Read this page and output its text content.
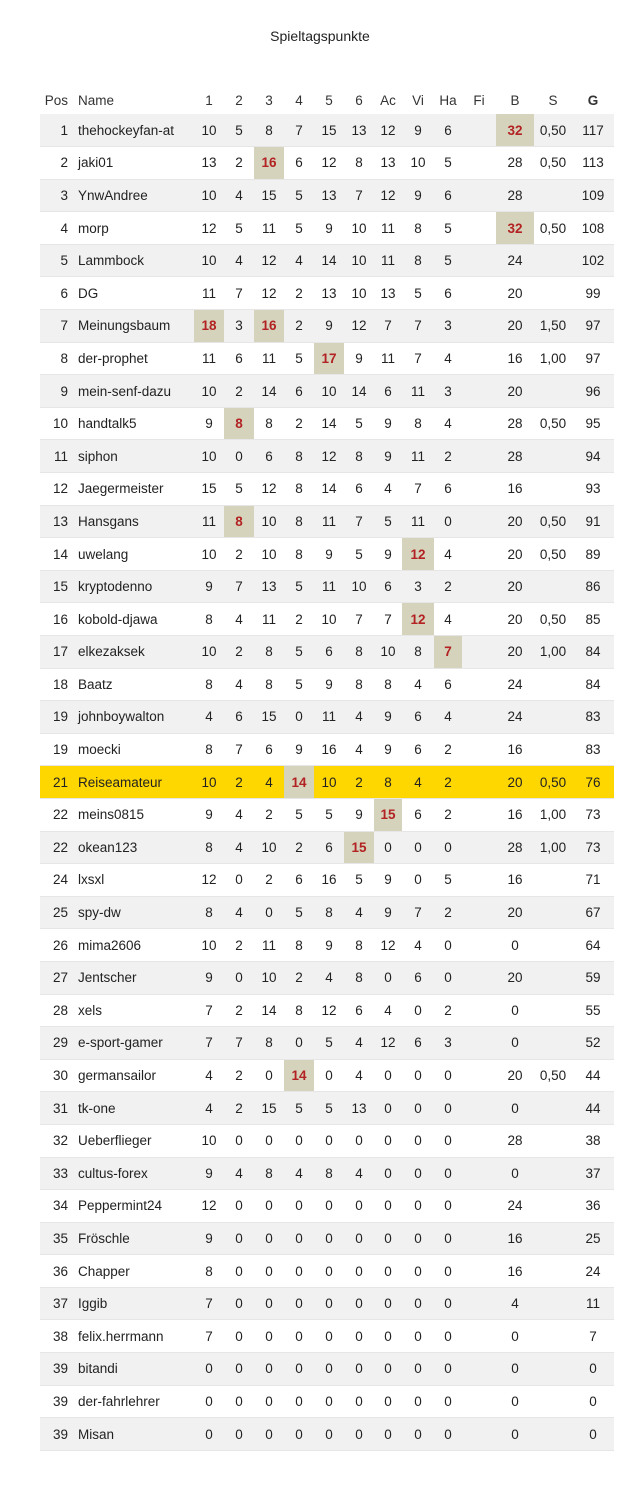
Spieltagspunkte
Pos	Name	1	2	3	4	5	6	Ac	Vi	Ha	Fi	B	S	G
1	thehockeyfan-at	10	5	8	7	15	13	12	9	6		32	0,50	117
2	jaki01	13	2	16	6	12	8	13	10	5		28	0,50	113
3	YnwAndree	10	4	15	5	13	7	12	9	6		28		109
4	morp	12	5	11	5	9	10	11	8	5		32	0,50	108
5	Lammbock	10	4	12	4	14	10	11	8	5		24		102
6	DG	11	7	12	2	13	10	13	5	6		20		99
7	Meinungsbaum	18	3	16	2	9	12	7	7	3		20	1,50	97
8	der-prophet	11	6	11	5	17	9	11	7	4		16	1,00	97
9	mein-senf-dazu	10	2	14	6	10	14	6	11	3		20		96
10	handtalk5	9	8	8	2	14	5	9	8	4		28	0,50	95
11	siphon	10	0	6	8	12	8	9	11	2		28		94
12	Jaegermeister	15	5	12	8	14	6	4	7	6		16		93
13	Hansgans	11	8	10	8	11	7	5	11	0		20	0,50	91
14	uwelang	10	2	10	8	9	5	9	12	4		20	0,50	89
15	kryptodenno	9	7	13	5	11	10	6	3	2		20		86
16	kobold-djawa	8	4	11	2	10	7	7	12	4		20	0,50	85
17	elkezaksek	10	2	8	5	6	8	10	8	7		20	1,00	84
18	Baatz	8	4	8	5	9	8	8	4	6		24		84
19	johnboywalton	4	6	15	0	11	4	9	6	4		24		83
19	moecki	8	7	6	9	16	4	9	6	2		16		83
21	Reiseamateur	10	2	4	14	10	2	8	4	2		20	0,50	76
22	meins0815	9	4	2	5	5	9	15	6	2		16	1,00	73
22	okean123	8	4	10	2	6	15	0	0	0		28	1,00	73
24	lxsxl	12	0	2	6	16	5	9	0	5		16		71
25	spy-dw	8	4	0	5	8	4	9	7	2		20		67
26	mima2606	10	2	11	8	9	8	12	4	0		0		64
27	Jentscher	9	0	10	2	4	8	0	6	0		20		59
28	xels	7	2	14	8	12	6	4	0	2		0		55
29	e-sport-gamer	7	7	8	0	5	4	12	6	3		0		52
30	germansailor	4	2	0	14	0	4	0	0	0		20	0,50	44
31	tk-one	4	2	15	5	5	13	0	0	0		0		44
32	Ueberflieger	10	0	0	0	0	0	0	0	0		28		38
33	cultus-forex	9	4	8	4	8	4	0	0	0		0		37
34	Peppermint24	12	0	0	0	0	0	0	0	0		24		36
35	Fröschle	9	0	0	0	0	0	0	0	0		16		25
36	Chapper	8	0	0	0	0	0	0	0	0		16		24
37	Iggib	7	0	0	0	0	0	0	0	0		4		11
38	felix.herrmann	7	0	0	0	0	0	0	0	0		0		7
39	bitandi	0	0	0	0	0	0	0	0	0		0		0
39	der-fahrlehrer	0	0	0	0	0	0	0	0	0		0		0
39	Misan	0	0	0	0	0	0	0	0	0		0		0
